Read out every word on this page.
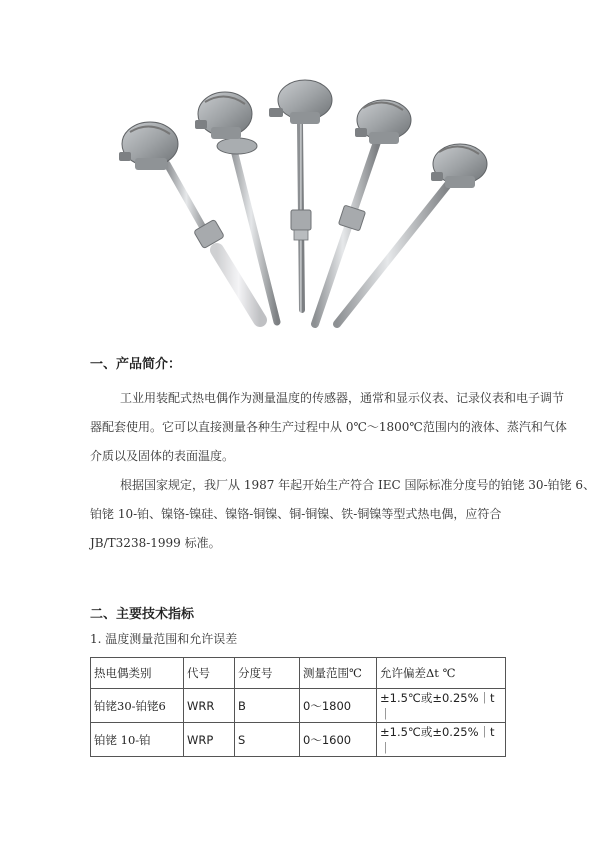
一、产品简介：
工业用装配式热电偶作为测量温度的传感器，通常和显示仪表、记录仪表和电子调节
器配套使用。它可以直接测量各种生产过程中从 0℃～1800℃范围内的液体、蒸汽和气体
介质以及固体的表面温度。
根据国家规定，我厂从 1987 年起开始生产符合 IEC 国际标准分度号的铂铑 30-铂铑 6、
铂铑 10-铂、镍铬-镍硅、镍铬-铜镍、铜-铜镍、铁-铜镍等型式热电偶，应符合
JB/T3238-1999 标准。
二、主要技术指标
1. 温度测量范围和允许误差
热电偶类别	代号	分度号	测量范围℃	允许偏差Δt ℃
铂铑30-铂铑6	WRR	B	0～1800	±1.5℃或±0.25%｜t｜
铂铑 10-铂	WRP	S	0～1600	±1.5℃或±0.25%｜t｜
